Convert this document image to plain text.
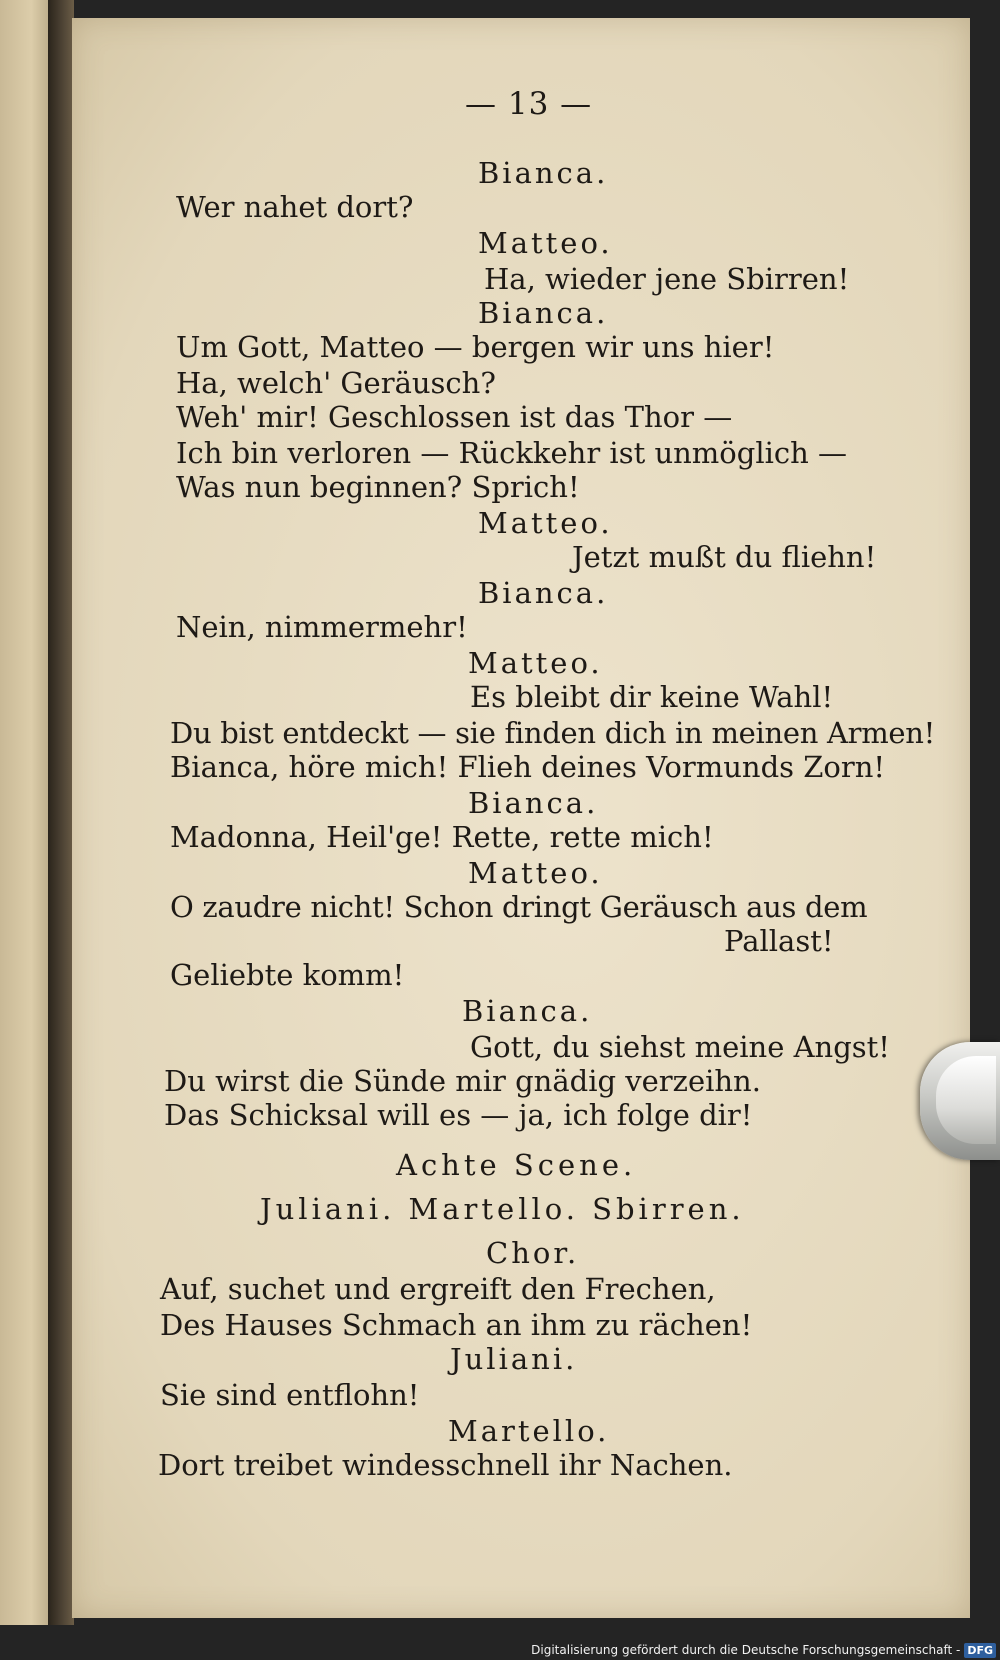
— 13 —

Bianca.

Wer nahet dort?

Matteo.

Ha, wieder jene Sbirren!

Bianca.

Um Gott, Matteo — bergen wir uns hier!

Ha, welch' Geräusch?

Weh' mir! Geschlossen ist das Thor —

Ich bin verloren — Rückkehr ist unmöglich —

Was nun beginnen? Sprich!

Matteo.

Jetzt mußt du fliehn!

Bianca.

Nein, nimmermehr!

Matteo.

Es bleibt dir keine Wahl!

Du bist entdeckt — sie finden dich in meinen Armen!

Bianca, höre mich! Flieh deines Vormunds Zorn!

Bianca.

Madonna, Heil'ge! Rette, rette mich!

Matteo.

O zaudre nicht! Schon dringt Geräusch aus dem

Pallast!

Geliebte komm!

Bianca.

Gott, du siehst meine Angst!

Du wirst die Sünde mir gnädig verzeihn.

Das Schicksal will es — ja, ich folge dir!

Achte Scene.

Juliani. Martello. Sbirren.

Chor.

Auf, suchet und ergreift den Frechen,

Des Hauses Schmach an ihm zu rächen!

Juliani.

Sie sind entflohn!

Martello.

Dort treibet windesschnell ihr Nachen.

Digitalisierung gefördert durch die Deutsche Forschungsgemeinschaft - DFG
